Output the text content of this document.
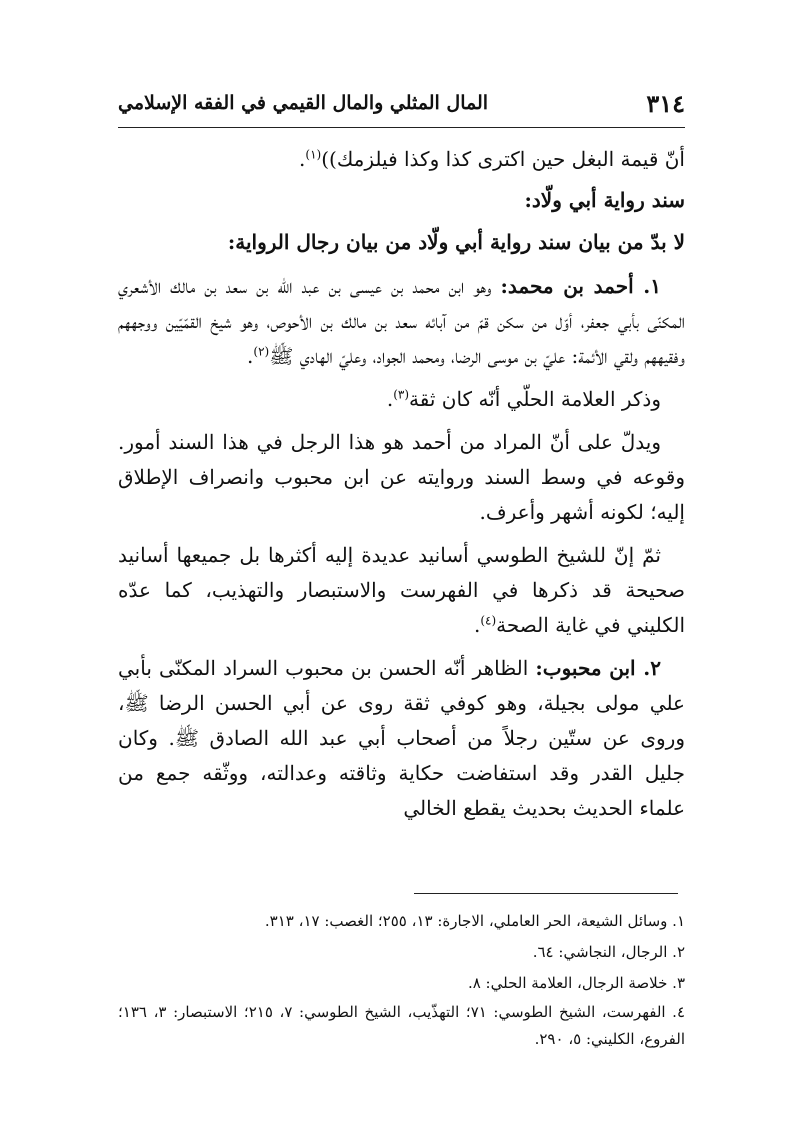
٣١٤
المال المثلي والمال القيمي في الفقه الإسلامي

أنّ قيمة البغل حين اكترى كذا وكذا فيلزمك))$^{(١)}$.

سند رواية أبي ولّاد:

لا بدّ من بيان سند رواية أبي ولّاد من بيان رجال الرواية:

١. أحمد بن محمد: وهو ابن محمد بن عيسى بن عبد الله بن سعد بن مالك الأشعري المكنّى بأبي جعفر، أوّل من سكن قمّ من آبائه سعد بن مالك بن الأحوص، وهو شيخ القمّيّين ووجههم وفقيههم ولقي الأئمة: عليّ بن موسى الرضا، ومحمد الجواد، وعليّ الهادي ﷺ$^{(٢)}$.

وذكر العلامة الحلّي أنّه كان ثقة$^{(٣)}$.

ويدلّ على أنّ المراد من أحمد هو هذا الرجل في هذا السند أمور. وقوعه في وسط السند وروايته عن ابن محبوب وانصراف الإطلاق إليه؛ لكونه أشهر وأعرف.

ثمّ إنّ للشيخ الطوسي أسانيد عديدة إليه أكثرها بل جميعها أسانيد صحيحة قد ذكرها في الفهرست والاستبصار والتهذيب، كما عدّه الكليني في غاية الصحة$^{(٤)}$.

٢. ابن محبوب: الظاهر أنّه الحسن بن محبوب السراد المكنّى بأبي علي مولى بجيلة، وهو كوفي ثقة روى عن أبي الحسن الرضا ﷺ، وروى عن ستّين رجلاً من أصحاب أبي عبد الله الصادق ﷺ. وكان جليل القدر وقد استفاضت حكاية وثاقته وعدالته، ووثّقه جمع من علماء الحديث بحديث يقطع الخالي

١. وسائل الشيعة، الحر العاملي، الاجارة: ١٣، ٢٥٥؛ الغصب: ١٧، ٣١٣.

٢. الرجال، النجاشي: ٦٤.

٣. خلاصة الرجال، العلامة الحلي: ٨.

٤. الفهرست، الشيخ الطوسي: ٧١؛ التهذّيب، الشيخ الطوسي: ٧، ٢١٥؛ الاستبصار: ٣، ١٣٦؛ الفروع، الكليني: ٥، ٢٩٠.
